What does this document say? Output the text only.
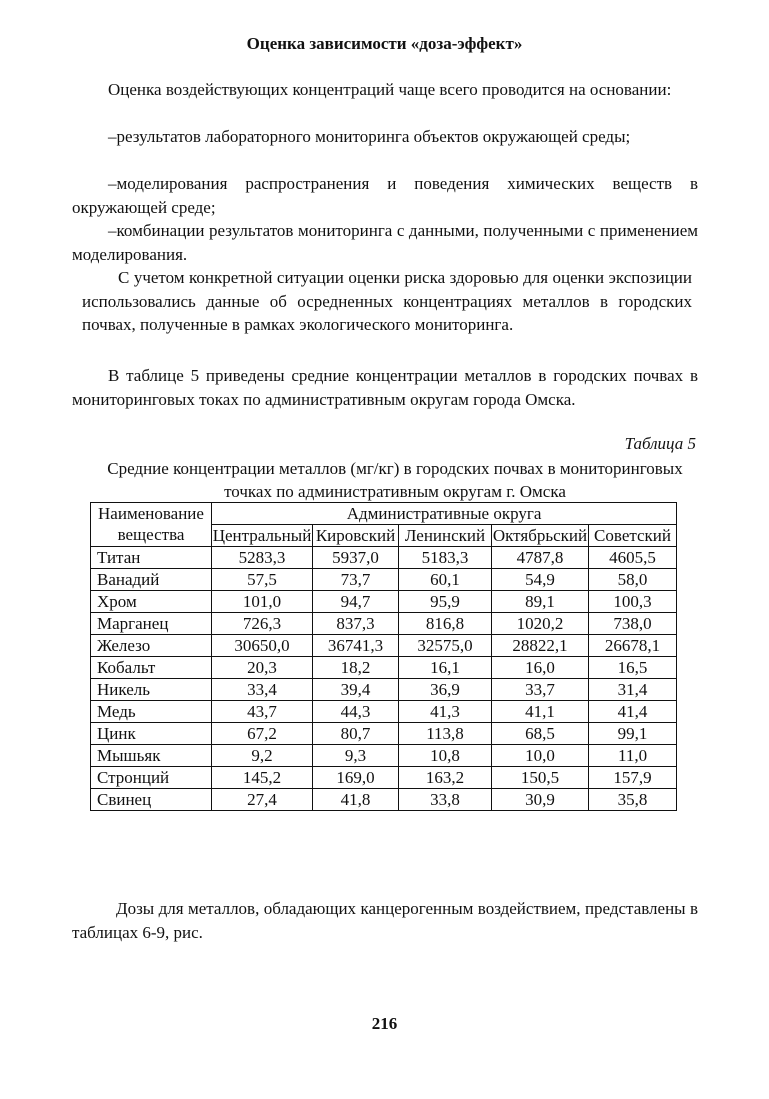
Оценка зависимости «доза-эффект»

Оценка воздействующих концентраций чаще всего проводится на основании:

–результатов лабораторного мониторинга объектов окружающей среды;

–моделирования распространения и поведения химических веществ в окружающей среде;

–комбинации результатов мониторинга с данными, полученными с применением моделирования.

С учетом конкретной ситуации оценки риска здоровью для оценки экспозиции использовались данные об осредненных концентрациях металлов в городских почвах, полученные в рамках экологического мониторинга.

В таблице 5 приведены средние концентрации металлов в городских почвах в мониторинговых токах по административным округам города Омска.

Таблица 5

Средние концентрации металлов (мг/кг) в городских почвах в мониторинговых точках по административным округам г. Омска

Наименование вещества	Административные округа				
	Центральный	Кировский	Ленинский	Октябрьский	Советский
Титан	5283,3	5937,0	5183,3	4787,8	4605,5
Ванадий	57,5	73,7	60,1	54,9	58,0
Хром	101,0	94,7	95,9	89,1	100,3
Марганец	726,3	837,3	816,8	1020,2	738,0
Железо	30650,0	36741,3	32575,0	28822,1	26678,1
Кобальт	20,3	18,2	16,1	16,0	16,5
Никель	33,4	39,4	36,9	33,7	31,4
Медь	43,7	44,3	41,3	41,1	41,4
Цинк	67,2	80,7	113,8	68,5	99,1
Мышьяк	9,2	9,3	10,8	10,0	11,0
Стронций	145,2	169,0	163,2	150,5	157,9
Свинец	27,4	41,8	33,8	30,9	35,8

Дозы для металлов, обладающих канцерогенным воздействием, представлены в таблицах 6-9, рис.

216
